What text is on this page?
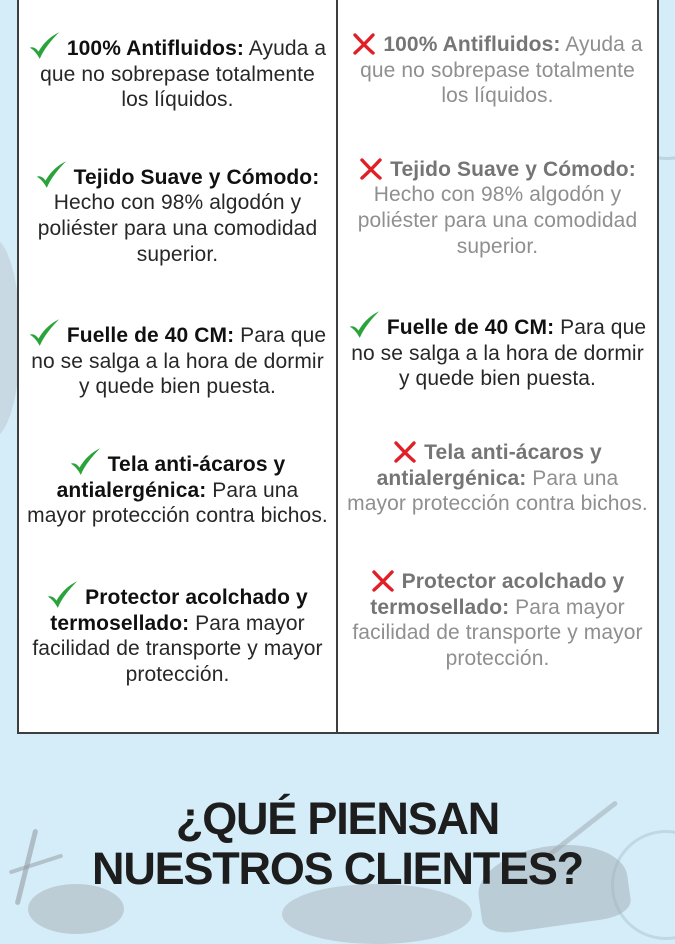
100% Antifluidos: Ayuda a que no sobrepase totalmente los líquidos.

Tejido Suave y Cómodo: Hecho con 98% algodón y poliéster para una comodidad superior.

Fuelle de 40 CM: Para que no se salga a la hora de dormir y quede bien puesta.

Tela anti-ácaros y antialergénica: Para una mayor protección contra bichos.

Protector acolchado y termosellado: Para mayor facilidad de transporte y mayor protección.

100% Antifluidos: Ayuda a que no sobrepase totalmente los líquidos.

Tejido Suave y Cómodo: Hecho con 98% algodón y poliéster para una comodidad superior.

Fuelle de 40 CM: Para que no se salga a la hora de dormir y quede bien puesta.

Tela anti-ácaros y antialergénica: Para una mayor protección contra bichos.

Protector acolchado y termosellado: Para mayor facilidad de transporte y mayor protección.

¿QUÉ PIENSAN
NUESTROS CLIENTES?
